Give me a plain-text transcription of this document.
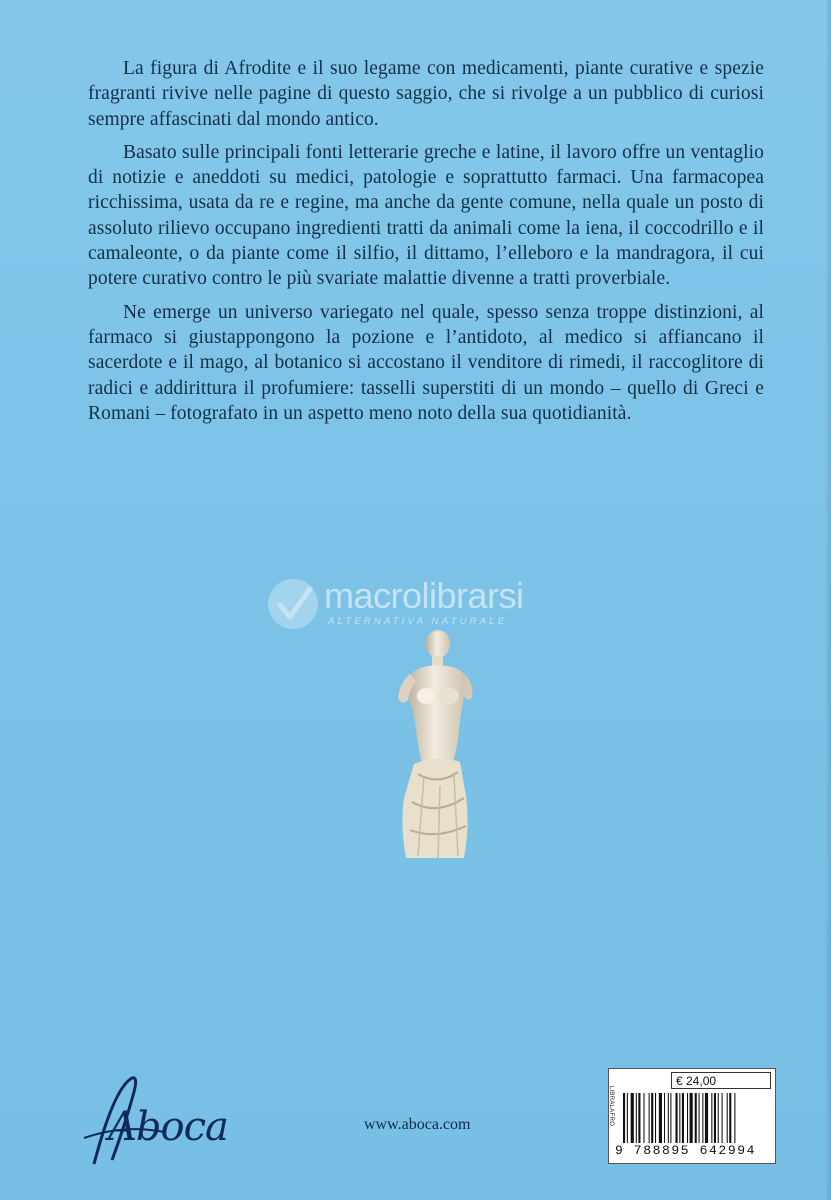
La figura di Afrodite e il suo legame con medicamenti, piante curative e spezie fragranti rivive nelle pagine di questo saggio, che si rivolge a un pubblico di curiosi sempre affascinati dal mondo antico.

Basato sulle principali fonti letterarie greche e latine, il lavoro offre un ventaglio di notizie e aneddoti su medici, patologie e soprattutto farmaci. Una farmacopea ricchissima, usata da re e regine, ma anche da gente comune, nella quale un posto di assoluto rilievo occupano ingredienti tratti da animali come la iena, il coccodrillo e il camaleonte, o da piante come il silfio, il dittamo, l’elleboro e la mandragora, il cui potere curativo contro le più svariate malattie divenne a tratti proverbiale.

Ne emerge un universo variegato nel quale, spesso senza troppe distinzioni, al farmaco si giustappongono la pozione e l’antidoto, al medico si affiancano il sacerdote e il mago, al botanico si accostano il venditore di rimedi, il raccoglitore di radici e addirittura il profumiere: tasselli superstiti di un mondo – quello di Greci e Romani – fotografato in un aspetto meno noto della sua quotidianità.

macrolibrarsi
ALTERNATIVA NATURALE
Aboca	www.aboca.com
€ 24,00
LIBRALAFRO
9 788895 642994
